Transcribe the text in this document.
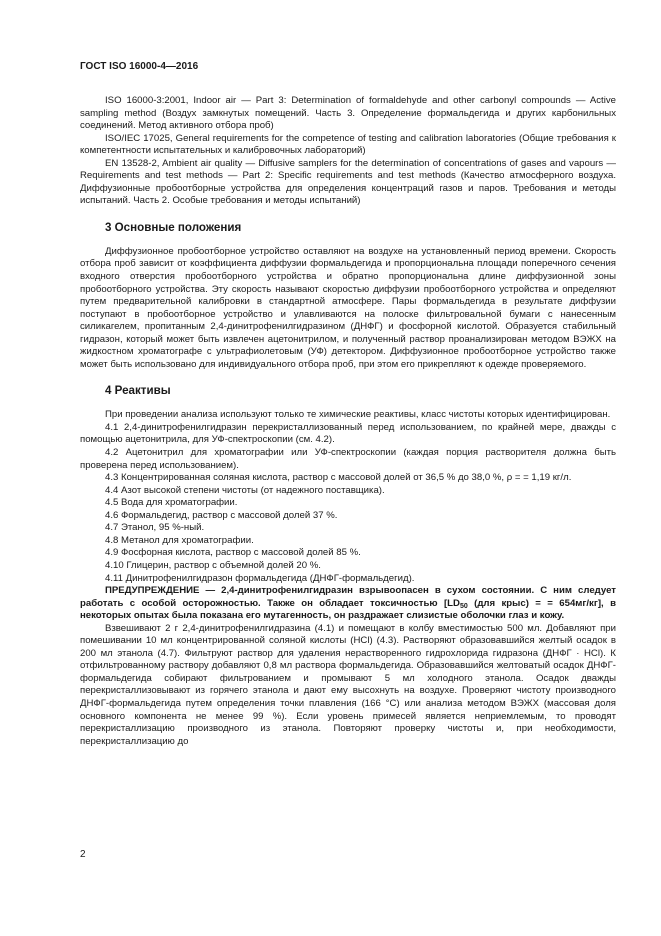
ГОСТ ISO 16000-4—2016

ISO 16000-3:2001, Indoor air — Part 3: Determination of formaldehyde and other carbonyl compounds — Active sampling method (Воздух замкнутых помещений. Часть 3. Определение формальдегида и других карбонильных соединений. Метод активного отбора проб)

ISO/IEC 17025, General requirements for the competence of testing and calibration laboratories (Общие требования к компетентности испытательных и калибровочных лабораторий)

EN 13528-2, Ambient air quality — Diffusive samplers for the determination of concentrations of gases and vapours — Requirements and test methods — Part 2: Specific requirements and test methods (Качество атмосферного воздуха. Диффузионные пробоотборные устройства для определения концентраций газов и паров. Требования и методы испытаний. Часть 2. Особые требования и методы испытаний)

3 Основные положения

Диффузионное пробоотборное устройство оставляют на воздухе на установленный период времени. Скорость отбора проб зависит от коэффициента диффузии формальдегида и пропорциональна площади поперечного сечения входного отверстия пробоотборного устройства и обратно пропорциональна длине диффузионной зоны пробоотборного устройства. Эту скорость называют скоростью диффузии пробоотборного устройства и определяют путем предварительной калибровки в стандартной атмосфере. Пары формальдегида в результате диффузии поступают в пробоотборное устройство и улавливаются на полоске фильтровальной бумаги с нанесенным силикагелем, пропитанным 2,4-динитрофенилгидразином (ДНФГ) и фосфорной кислотой. Образуется стабильный гидразон, который может быть извлечен ацетонитрилом, и полученный раствор проанализирован методом ВЭЖХ на жидкостном хроматографе с ультрафиолетовым (УФ) детектором. Диффузионное пробоотборное устройство также может быть использовано для индивидуального отбора проб, при этом его прикрепляют к одежде проверяемого.

4 Реактивы

При проведении анализа используют только те химические реактивы, класс чистоты которых идентифицирован.

4.1 2,4-динитрофенилгидразин перекристаллизованный перед использованием, по крайней мере, дважды с помощью ацетонитрила, для УФ-спектроскопии (см. 4.2).

4.2 Ацетонитрил для хроматографии или УФ-спектроскопии (каждая порция растворителя должна быть проверена перед использованием).

4.3 Концентрированная соляная кислота, раствор с массовой долей от 36,5 % до 38,0 %, ρ = = 1,19 кг/л.

4.4 Азот высокой степени чистоты (от надежного поставщика).

4.5 Вода для хроматографии.

4.6 Формальдегид, раствор с массовой долей 37 %.

4.7 Этанол, 95 %-ный.

4.8 Метанол для хроматографии.

4.9 Фосфорная кислота, раствор с массовой долей 85 %.

4.10 Глицерин, раствор с объемной долей 20 %.

4.11 Динитрофенилгидразон формальдегида (ДНФГ-формальдегид).

ПРЕДУПРЕЖДЕНИЕ — 2,4-динитрофенилгидразин взрывоопасен в сухом состоянии. С ним следует работать с особой осторожностью. Также он обладает токсичностью [$LD_{50}$ (для крыс) = = 654мг/кг], в некоторых опытах была показана его мутагенность, он раздражает слизистые оболочки глаз и кожу.

Взвешивают 2 г 2,4-динитрофенилгидразина (4.1) и помещают в колбу вместимостью 500 мл. Добавляют при помешивании 10 мл концентрированной соляной кислоты (HCl) (4.3). Растворяют образовавшийся желтый осадок в 200 мл этанола (4.7). Фильтруют раствор для удаления нерастворенного гидрохлорида гидразона (ДНФГ · HCl). К отфильтрованному раствору добавляют 0,8 мл раствора формальдегида. Образовавшийся желтоватый осадок ДНФГ-формальдегида собирают фильтрованием и промывают 5 мл холодного этанола. Осадок дважды перекристаллизовывают из горячего этанола и дают ему высохнуть на воздухе. Проверяют чистоту производного ДНФГ-формальдегида путем определения точки плавления (166 °С) или анализа методом ВЭЖХ (массовая доля основного компонента не менее 99 %). Если уровень примесей является неприемлемым, то проводят перекристаллизацию производного из этанола. Повторяют проверку чистоты и, при необходимости, перекристаллизацию до

2
